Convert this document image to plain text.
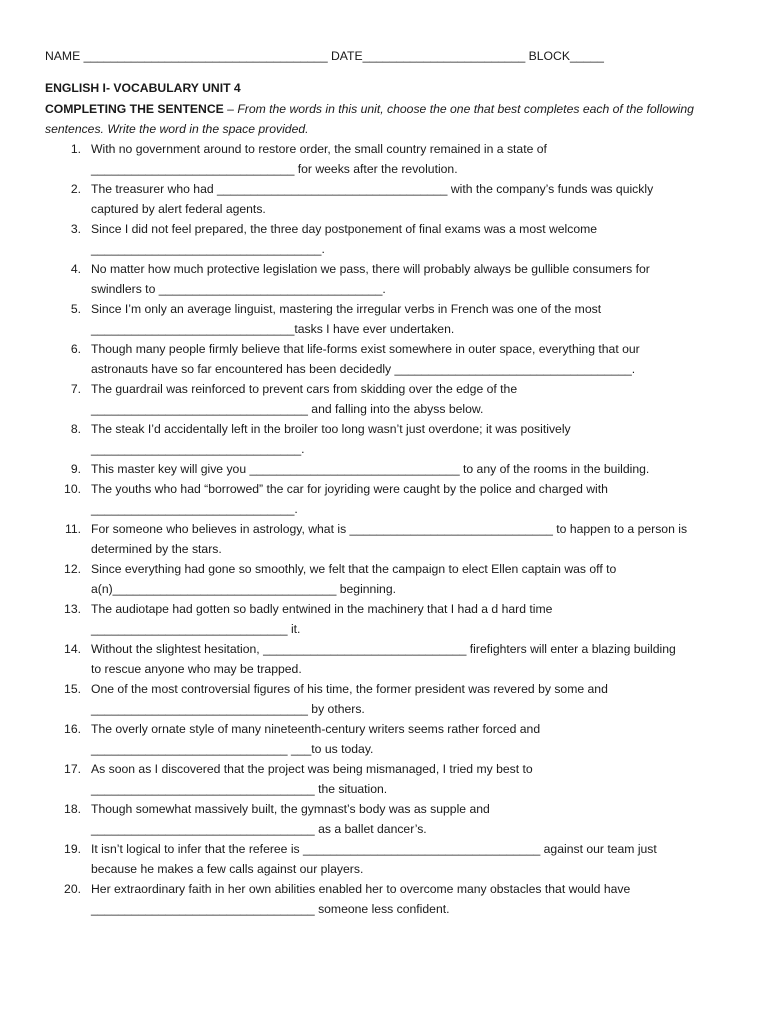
NAME ____________________________________ DATE________________________ BLOCK_____
ENGLISH I- VOCABULARY UNIT 4
COMPLETING THE SENTENCE – From the words in this unit, choose the one that best completes each of the following sentences. Write the word in the space provided.
1. With no government around to restore order, the small country remained in a state of
______________________________ for weeks after the revolution.
2. The treasurer who had __________________________________ with the company’s funds was quickly
captured by alert federal agents.
3. Since I did not feel prepared, the three day postponement of final exams was a most welcome
__________________________________.
4. No matter how much protective legislation we pass, there will probably always be gullible consumers for
swindlers to _________________________________.
5. Since I’m only an average linguist, mastering the irregular verbs in French was one of the most
______________________________tasks I have ever undertaken.
6. Though many people firmly believe that life-forms exist somewhere in outer space, everything that our
astronauts have so far encountered has been decidedly ___________________________________.
7. The guardrail was reinforced to prevent cars from skidding over the edge of the
________________________________ and falling into the abyss below.
8. The steak I’d accidentally left in the broiler too long wasn’t just overdone; it was positively
_______________________________.
9. This master key will give you _______________________________ to any of the rooms in the building.
10. The youths who had “borrowed” the car for joyriding were caught by the police and charged with
______________________________.
11. For someone who believes in astrology, what is ______________________________ to happen to a person is
determined by the stars.
12. Since everything had gone so smoothly, we felt that the campaign to elect Ellen captain was off to
a(n)_________________________________ beginning.
13. The audiotape had gotten so badly entwined in the machinery that I had a d hard time
_____________________________ it.
14. Without the slightest hesitation, ______________________________ firefighters will enter a blazing building
to rescue anyone who may be trapped.
15. One of the most controversial figures of his time, the former president was revered by some and
________________________________ by others.
16. The overly ornate style of many nineteenth-century writers seems rather forced and
_____________________________ ___to us today.
17. As soon as I discovered that the project was being mismanaged, I tried my best to
_________________________________ the situation.
18. Though somewhat massively built, the gymnast’s body was as supple and
_________________________________ as a ballet dancer’s.
19. It isn’t logical to infer that the referee is ___________________________________ against our team just
because he makes a few calls against our players.
20. Her extraordinary faith in her own abilities enabled her to overcome many obstacles that would have
_________________________________ someone less confident.
